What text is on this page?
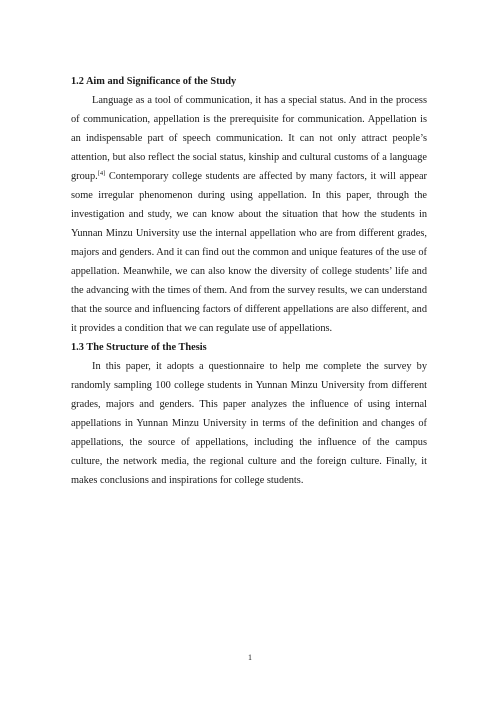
1.2 Aim and Significance of the Study

Language as a tool of communication, it has a special status. And in the process of communication, appellation is the prerequisite for communication. Appellation is an indispensable part of speech communication. It can not only attract people’s attention, but also reflect the social status, kinship and cultural customs of a language group.[4] Contemporary college students are affected by many factors, it will appear some irregular phenomenon during using appellation. In this paper, through the investigation and study, we can know about the situation that how the students in Yunnan Minzu University use the internal appellation who are from different grades, majors and genders. And it can find out the common and unique features of the use of appellation. Meanwhile, we can also know the diversity of college students’ life and the advancing with the times of them. And from the survey results, we can understand that the source and influencing factors of different appellations are also different, and it provides a condition that we can regulate use of appellations.

1.3 The Structure of the Thesis

In this paper, it adopts a questionnaire to help me complete the survey by randomly sampling 100 college students in Yunnan Minzu University from different grades, majors and genders. This paper analyzes the influence of using internal appellations in Yunnan Minzu University in terms of the definition and changes of appellations, the source of appellations, including the influence of the campus culture, the network media, the regional culture and the foreign culture. Finally, it makes conclusions and inspirations for college students.

1
